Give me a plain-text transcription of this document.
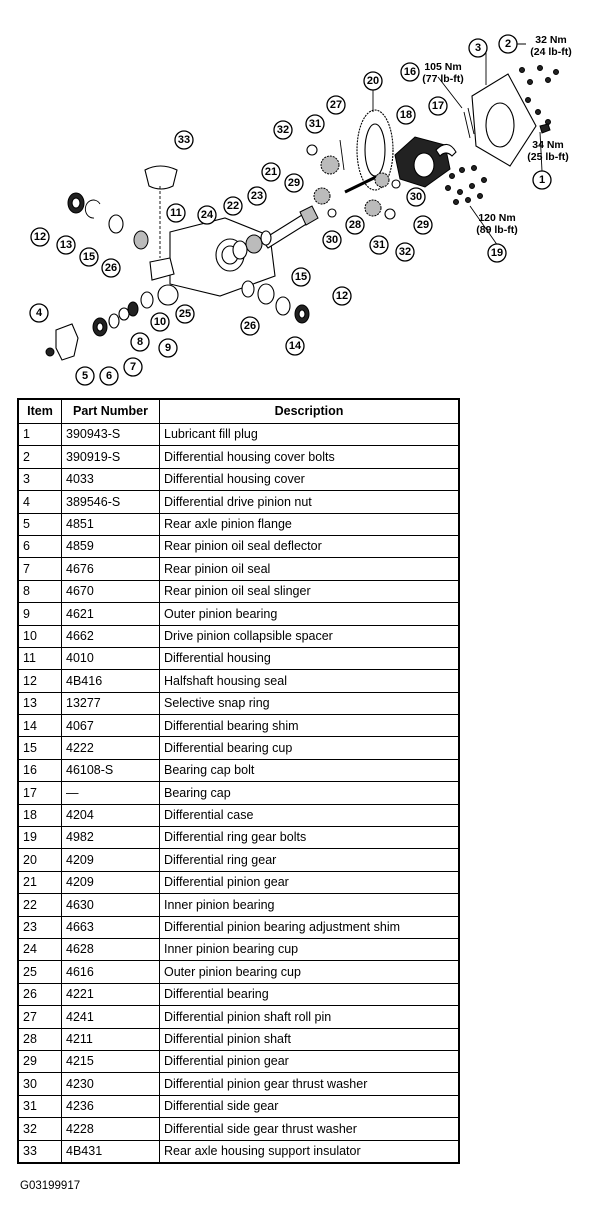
1
2
3
4
5 6
7
8 9
10
11
12
12
13
14
15
15
16
17
18
19
20
21
22
23
24
25
26
26
27
28
29
29
30
30
31
31
32
32
33
32 Nm
(24 lb-ft)
34 Nm
(25 lb-ft)
105 Nm
(77 lb-ft)
120 Nm
(89 lb-ft)
Item	Part Number	Description
1	390943-S	Lubricant fill plug
2	390919-S	Differential housing cover bolts
3	4033	Differential housing cover
4	389546-S	Differential drive pinion nut
5	4851	Rear axle pinion flange
6	4859	Rear pinion oil seal deflector
7	4676	Rear pinion oil seal
8	4670	Rear pinion oil seal slinger
9	4621	Outer pinion bearing
10	4662	Drive pinion collapsible spacer
11	4010	Differential housing
12	4B416	Halfshaft housing seal
13	13277	Selective snap ring
14	4067	Differential bearing shim
15	4222	Differential bearing cup
16	46108-S	Bearing cap bolt
17	—	Bearing cap
18	4204	Differential case
19	4982	Differential ring gear bolts
20	4209	Differential ring gear
21	4209	Differential pinion gear
22	4630	Inner pinion bearing
23	4663	Differential pinion bearing adjustment shim
24	4628	Inner pinion bearing cup
25	4616	Outer pinion bearing cup
26	4221	Differential bearing
27	4241	Differential pinion shaft roll pin
28	4211	Differential pinion shaft
29	4215	Differential pinion gear
30	4230	Differential pinion gear thrust washer
31	4236	Differential side gear
32	4228	Differential side gear thrust washer
33	4B431	Rear axle housing support insulator
G03199917
